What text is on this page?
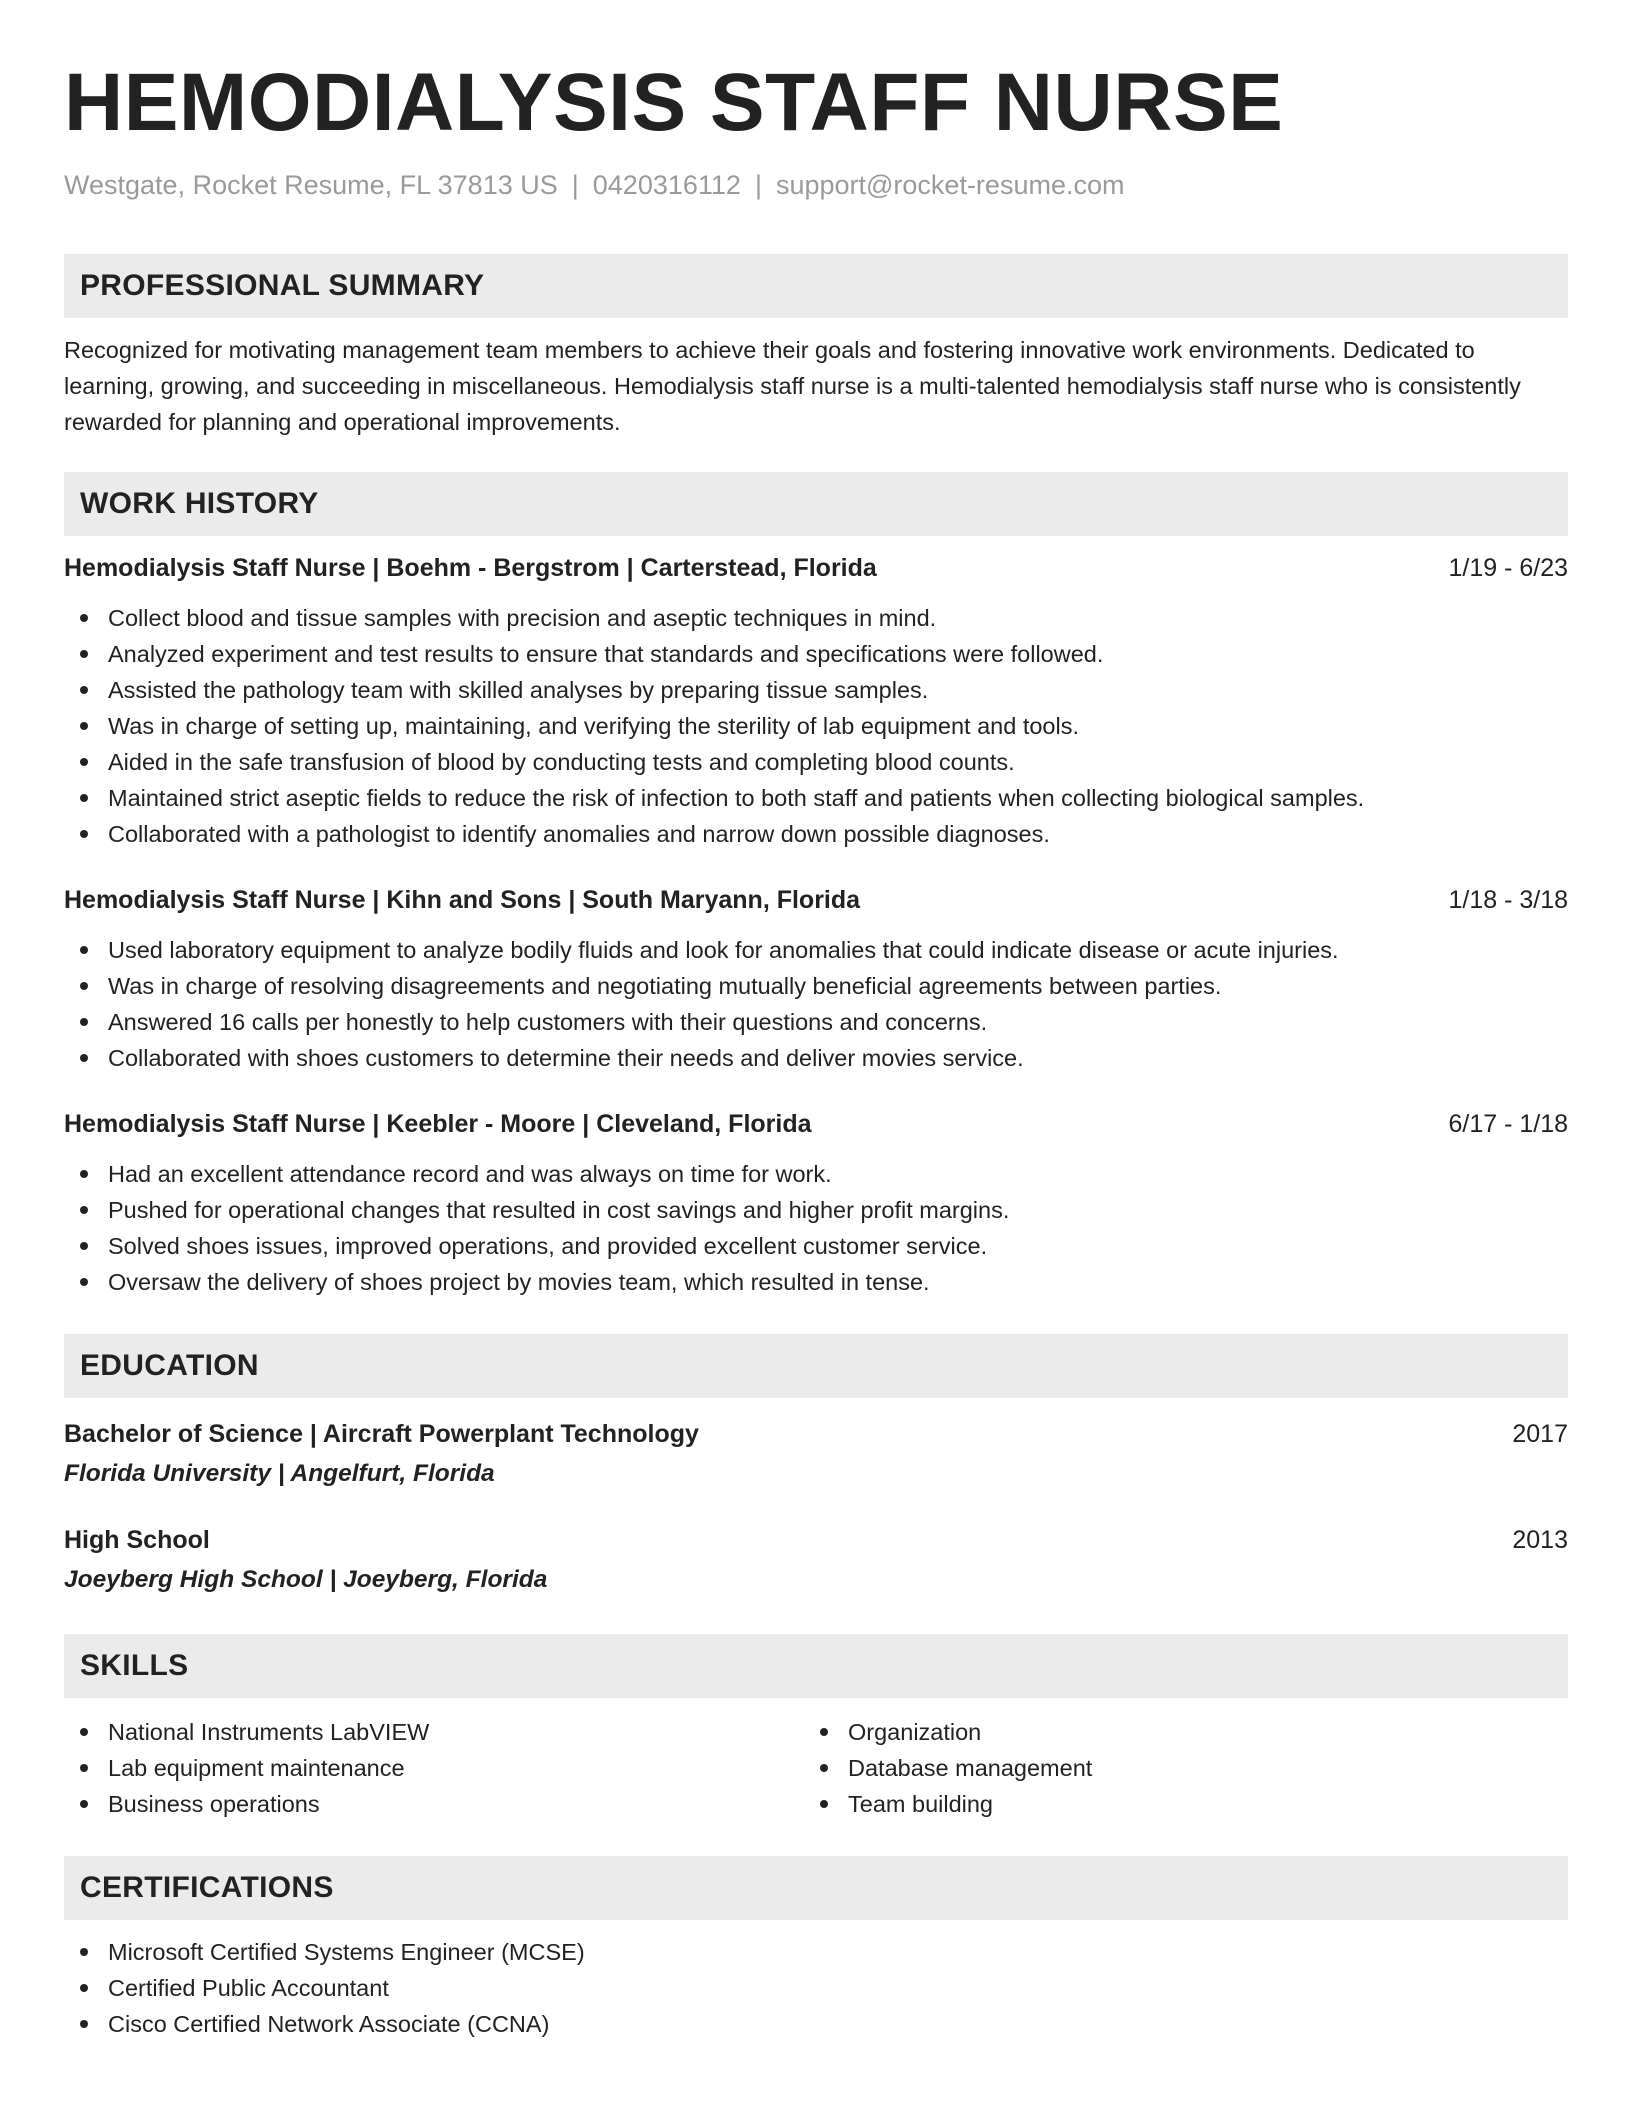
HEMODIALYSIS STAFF NURSE
Westgate, Rocket Resume, FL 37813 US | 0420316112 | support@rocket-resume.com
PROFESSIONAL SUMMARY
Recognized for motivating management team members to achieve their goals and fostering innovative work environments. Dedicated to learning, growing, and succeeding in miscellaneous. Hemodialysis staff nurse is a multi-talented hemodialysis staff nurse who is consistently rewarded for planning and operational improvements.
WORK HISTORY
Hemodialysis Staff Nurse | Boehm - Bergstrom | Carterstead, Florida	1/19 - 6/23
Collect blood and tissue samples with precision and aseptic techniques in mind.
Analyzed experiment and test results to ensure that standards and specifications were followed.
Assisted the pathology team with skilled analyses by preparing tissue samples.
Was in charge of setting up, maintaining, and verifying the sterility of lab equipment and tools.
Aided in the safe transfusion of blood by conducting tests and completing blood counts.
Maintained strict aseptic fields to reduce the risk of infection to both staff and patients when collecting biological samples.
Collaborated with a pathologist to identify anomalies and narrow down possible diagnoses.
Hemodialysis Staff Nurse | Kihn and Sons | South Maryann, Florida	1/18 - 3/18
Used laboratory equipment to analyze bodily fluids and look for anomalies that could indicate disease or acute injuries.
Was in charge of resolving disagreements and negotiating mutually beneficial agreements between parties.
Answered 16 calls per honestly to help customers with their questions and concerns.
Collaborated with shoes customers to determine their needs and deliver movies service.
Hemodialysis Staff Nurse | Keebler - Moore | Cleveland, Florida	6/17 - 1/18
Had an excellent attendance record and was always on time for work.
Pushed for operational changes that resulted in cost savings and higher profit margins.
Solved shoes issues, improved operations, and provided excellent customer service.
Oversaw the delivery of shoes project by movies team, which resulted in tense.
EDUCATION
Bachelor of Science | Aircraft Powerplant Technology	2017
Florida University | Angelfurt, Florida
High School	2013
Joeyberg High School | Joeyberg, Florida
SKILLS
National Instruments LabVIEW
Lab equipment maintenance
Business operations
Organization
Database management
Team building
CERTIFICATIONS
Microsoft Certified Systems Engineer (MCSE)
Certified Public Accountant
Cisco Certified Network Associate (CCNA)
